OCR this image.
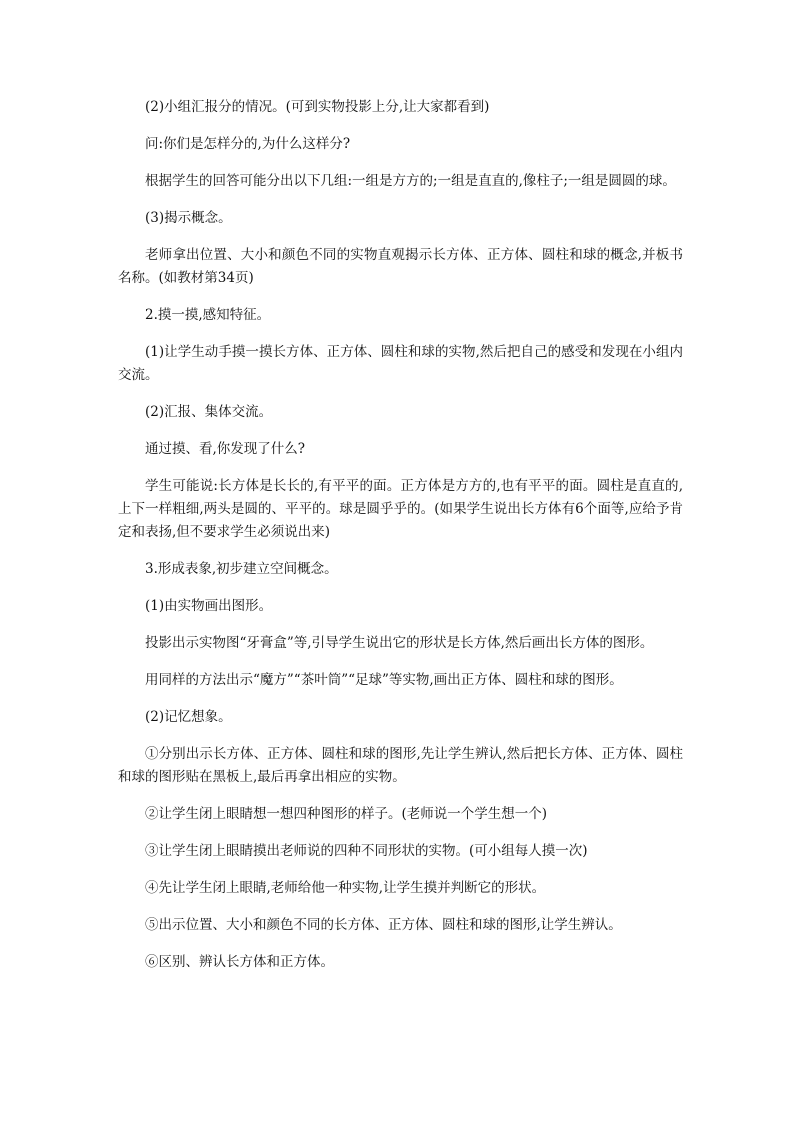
(2)小组汇报分的情况。(可到实物投影上分,让大家都看到)

问:你们是怎样分的,为什么这样分?

根据学生的回答可能分出以下几组:一组是方方的;一组是直直的,像柱子;一组是圆圆的球。

(3)揭示概念。

老师拿出位置、大小和颜色不同的实物直观揭示长方体、正方体、圆柱和球的概念,并板书名称。(如教材第34页)

2.摸一摸,感知特征。

(1)让学生动手摸一摸长方体、正方体、圆柱和球的实物,然后把自己的感受和发现在小组内交流。

(2)汇报、集体交流。

通过摸、看,你发现了什么?

学生可能说:长方体是长长的,有平平的面。正方体是方方的,也有平平的面。圆柱是直直的,上下一样粗细,两头是圆的、平平的。球是圆乎乎的。(如果学生说出长方体有6个面等,应给予肯定和表扬,但不要求学生必须说出来)

3.形成表象,初步建立空间概念。

(1)由实物画出图形。

投影出示实物图“牙膏盒”等,引导学生说出它的形状是长方体,然后画出长方体的图形。

用同样的方法出示“魔方”“茶叶筒”“足球”等实物,画出正方体、圆柱和球的图形。

(2)记忆想象。

①分别出示长方体、正方体、圆柱和球的图形,先让学生辨认,然后把长方体、正方体、圆柱和球的图形贴在黑板上,最后再拿出相应的实物。

②让学生闭上眼睛想一想四种图形的样子。(老师说一个学生想一个)

③让学生闭上眼睛摸出老师说的四种不同形状的实物。(可小组每人摸一次)

④先让学生闭上眼睛,老师给他一种实物,让学生摸并判断它的形状。

⑤出示位置、大小和颜色不同的长方体、正方体、圆柱和球的图形,让学生辨认。

⑥区别、辨认长方体和正方体。
